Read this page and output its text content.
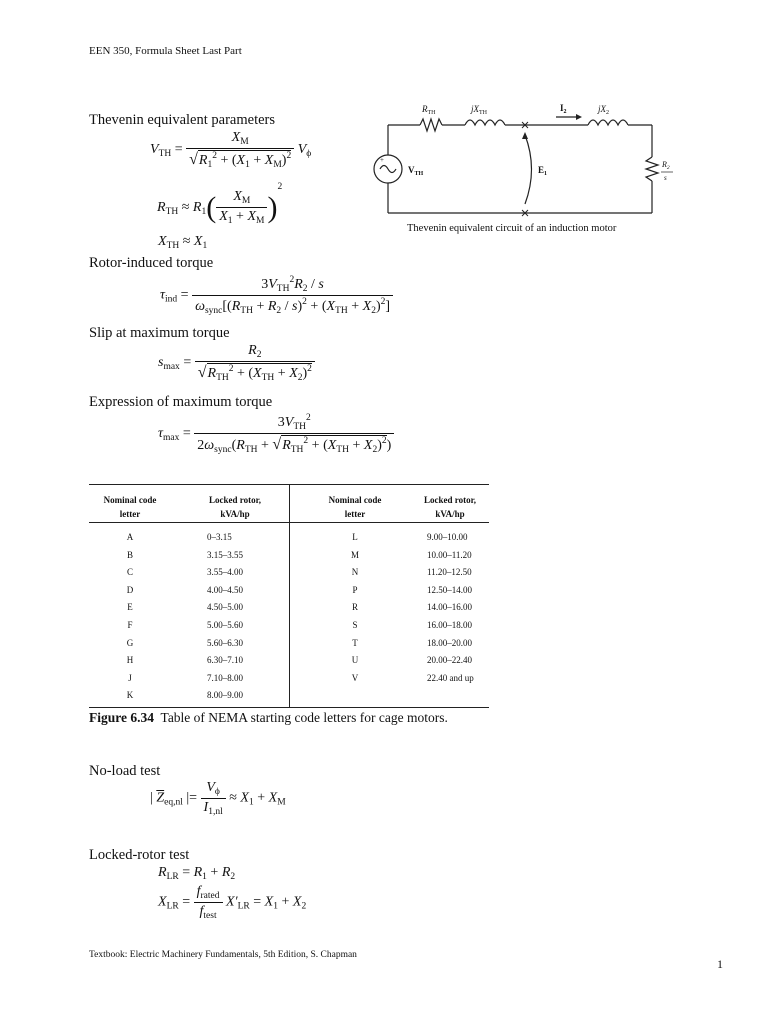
EEN 350, Formula Sheet Last Part
Thevenin equivalent parameters
$V_{TH} = \frac{X_M}{√R_1^2 + (X_1 + X_M)^2} V_\phi$
$R_{TH} \approx R_1( \frac{X_M}{X_1 + X_M} )^2$
$X_{TH} \approx X_1$
Rotor-induced torque
$\tau_{ind} = \frac{3V_{TH}^2R_2 / s}{\omega_{sync}[(R_{TH} + R_2 / s)^2 + (X_{TH} + X_2)^2]}$
Slip at maximum torque
$s_{max} = \frac{R_2}{√R_{TH}^2 + (X_{TH} + X_2)^2}$
Expression of maximum torque
$\tau_{max} = \frac{3V_{TH}^2}{2\omega_{sync}(R_{TH} + √R_{TH}^2 + (X_{TH} + X_2)^2)}$
$R_{TH}$	$jX_{TH}$	$I_2$	$jX_2$
$V_{TH}$	$E_1$
$R_2$
s
+
Thevenin equivalent circuit of an induction motor
Nominal code
letter
Locked rotor,
kVA/hp
Nominal code
letter
Locked rotor,
kVA/hp
A	0–3.15
B	3.15–3.55
C	3.55–4.00
D	4.00–4.50
E	4.50–5.00
F	5.00–5.60
G	5.60–6.30
H	6.30–7.10
J	7.10–8.00
K	8.00–9.00
L	9.00–10.00
M	10.00–11.20
N	11.20–12.50
P	12.50–14.00
R	14.00–16.00
S	16.00–18.00
T	18.00–20.00
U	20.00–22.40
V	22.40 and up
Figure 6.34 Table of NEMA starting code letters for cage motors.
No-load test
| $\overline{Z}_{eq,nl}$ |= $\frac{V_\phi}{I_{1,nl}} \approx X_1 + X_M$
Locked-rotor test
$R_{LR} = R_1 + R_2$
$X_{LR} = \frac{f_{rated}}{f_{test}} X'_{LR} = X_1 + X_2$
Textbook: Electric Machinery Fundamentals, 5th Edition, S. Chapman
1
